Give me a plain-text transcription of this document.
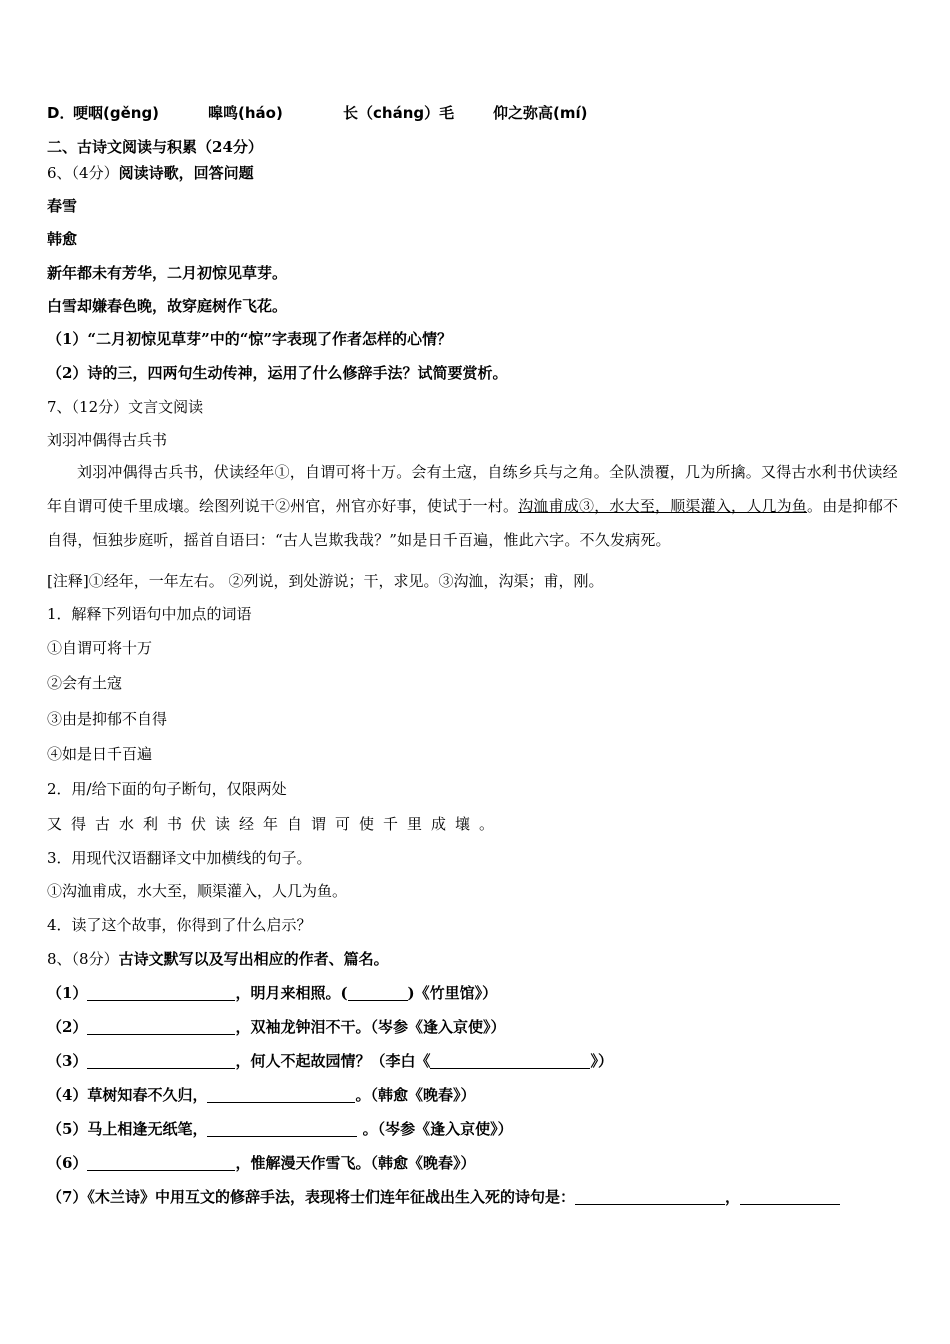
D．
哽咽(gěng)	嗥鸣(háo)	长（cháng）毛	仰之弥高(mí)
二、古诗文阅读与积累（24分）
6、（4分）阅读诗歌，回答问题
春雪
韩愈
新年都未有芳华，二月初惊见草芽。
白雪却嫌春色晚，故穿庭树作飞花。
（1）“二月初惊见草芽”中的“惊”字表现了作者怎样的心情？
（2）诗的三，四两句生动传神，运用了什么修辞手法？试简要赏析。
7、（12分）文言文阅读
刘羽冲偶得古兵书
刘羽冲偶得古兵书，伏读经年①，自谓可将十万。会有土寇，自练乡兵与之角。全队溃覆，几为所擒。又得古水利书伏读经年自谓可使千里成壤。绘图列说干②州官，州官亦好事，使试于一村。沟洫甫成③，水大至，顺渠灌入，人几为鱼。由是抑郁不自得，恒独步庭听，摇首自语曰：“古人岂欺我哉？”如是日千百遍，惟此六字。不久发病死。
[注释]①经年，一年左右。 ②列说，到处游说；干，求见。③沟洫，沟渠；甫，刚。
1．解释下列语句中加点的词语
①自谓可将十万
②会有土寇
③由是抑郁不自得
④如是日千百遍
2．用/给下面的句子断句，仅限两处
又得古水利书伏读经年自谓可使千里成壤。
3．用现代汉语翻译文中加横线的句子。
①沟洫甫成，水大至，顺渠灌入，人几为鱼。
4．读了这个故事，你得到了什么启示？
8、（8分）古诗文默写以及写出相应的作者、篇名。
（1）	，明月来相照。(	)《竹里馆》）
（2）	，双袖龙钟泪不干。（岑参《逢入京使》）
（3）	，何人不起故园情？（李白《	》）
（4）草树知春不久归，	。（韩愈《晚春》）
（5）马上相逢无纸笔，	。（岑参《逢入京使》）
（6）	，惟解漫天作雪飞。（韩愈《晚春》）
（7）《木兰诗》中用互文的修辞手法，表现将士们连年征战出生入死的诗句是：	，
